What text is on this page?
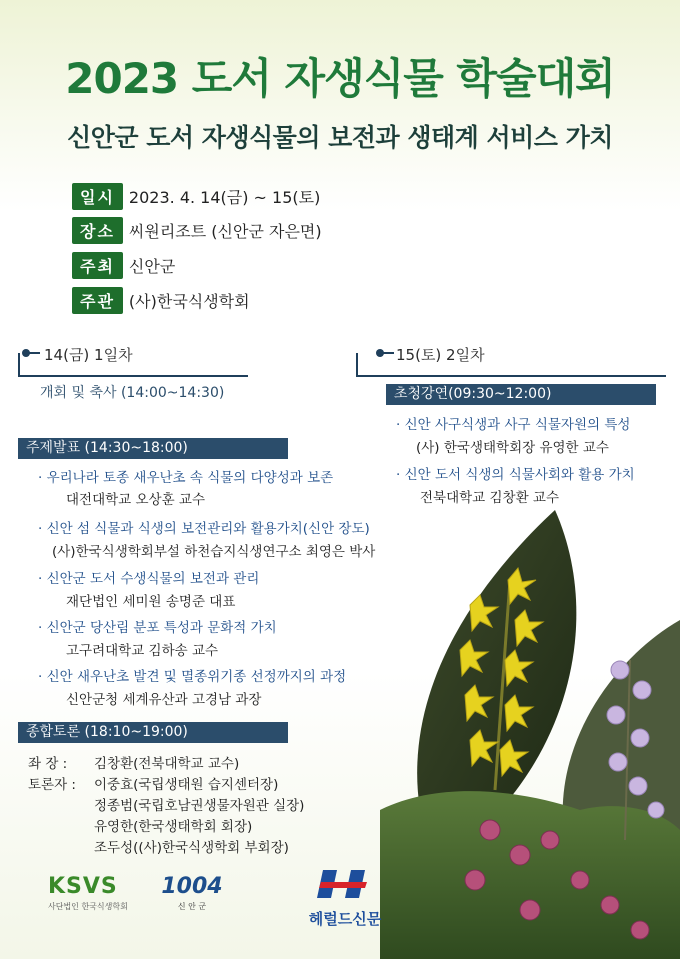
2023 도서 자생식물 학술대회
신안군 도서 자생식물의 보전과 생태계 서비스 가치
일시 2023. 4. 14(금) ~ 15(토)
장소 씨원리조트 (신안군 자은면)
주최 신안군
주관 (사)한국식생학회
14(금) 1일차
개회 및 축사 (14:00~14:30)
주제발표 (14:30~18:00)
· 우리나라 토종 새우난초 속 식물의 다양성과 보존
대전대학교 오상훈 교수
· 신안 섬 식물과 식생의 보전관리와 활용가치(신안 장도)
(사)한국식생학회부설 하천습지식생연구소 최영은 박사
· 신안군 도서 수생식물의 보전과 관리
재단법인 세미원 송명준 대표
· 신안군 당산림 분포 특성과 문화적 가치
고구려대학교 김하송 교수
· 신안 새우난초 발견 및 멸종위기종 선정까지의 과정
신안군청 세계유산과 고경남 과장
15(토) 2일차
초청강연(09:30~12:00)
· 신안 사구식생과 사구 식물자원의 특성
(사) 한국생태학회장 유영한 교수
· 신안 도서 식생의 식물사회와 활용 가치
전북대학교 김창환 교수
종합토론 (18:10~19:00)
좌 장 : 김창환(전북대학교 교수)
토론자 : 이중효(국립생태원 습지센터장)
정종범(국립호남권생물자원관 실장)
유영한(한국생태학회 회장)
조두성((사)한국식생학회 부회장)
KSVS
사단법인 한국식생학회
1004
신 안 군
헤럴드신문
